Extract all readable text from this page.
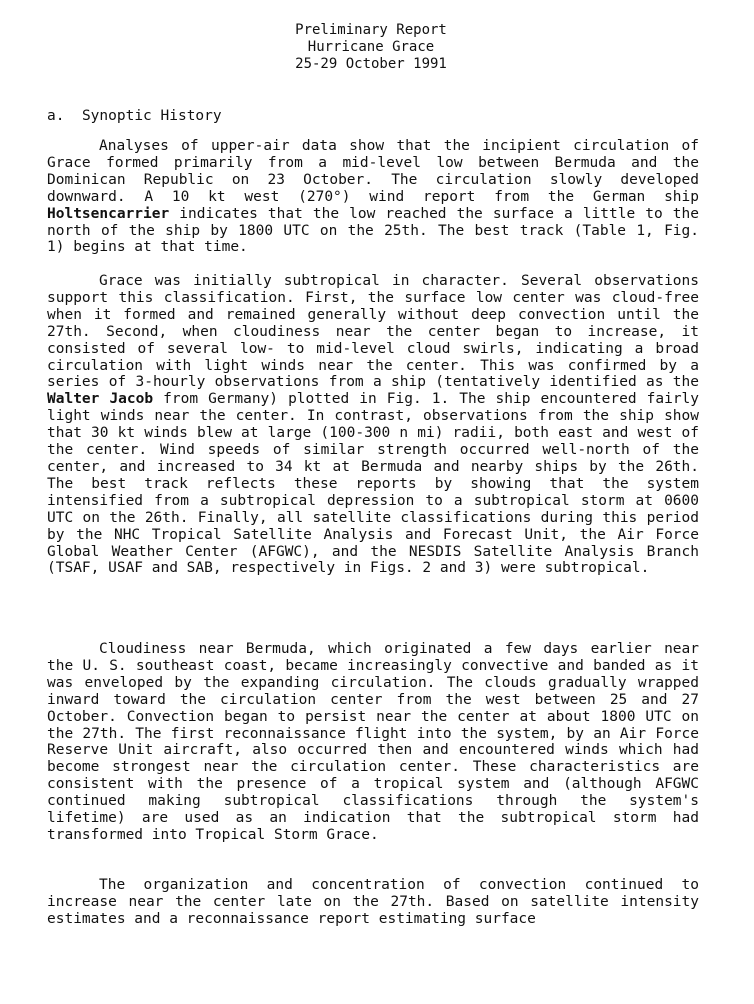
Preliminary Report
Hurricane Grace
25-29 October 1991
a. Synoptic History

Analyses of upper-air data show that the incipient circulation of Grace formed primarily from a mid-level low between Bermuda and the Dominican Republic on 23 October. The circulation slowly developed downward. A 10 kt west (270°) wind report from the German ship Holtsencarrier indicates that the low reached the surface a little to the north of the ship by 1800 UTC on the 25th. The best track (Table 1, Fig. 1) begins at that time.

Grace was initially subtropical in character. Several observations support this classification. First, the surface low center was cloud-free when it formed and remained generally without deep convection until the 27th. Second, when cloudiness near the center began to increase, it consisted of several low- to mid-level cloud swirls, indicating a broad circulation with light winds near the center. This was confirmed by a series of 3-hourly observations from a ship (tentatively identified as the Walter Jacob from Germany) plotted in Fig. 1. The ship encountered fairly light winds near the center. In contrast, observations from the ship show that 30 kt winds blew at large (100-300 n mi) radii, both east and west of the center. Wind speeds of similar strength occurred well-north of the center, and increased to 34 kt at Bermuda and nearby ships by the 26th. The best track reflects these reports by showing that the system intensified from a subtropical depression to a subtropical storm at 0600 UTC on the 26th. Finally, all satellite classifications during this period by the NHC Tropical Satellite Analysis and Forecast Unit, the Air Force Global Weather Center (AFGWC), and the NESDIS Satellite Analysis Branch (TSAF, USAF and SAB, respectively in Figs. 2 and 3) were subtropical.

Cloudiness near Bermuda, which originated a few days earlier near the U. S. southeast coast, became increasingly convective and banded as it was enveloped by the expanding circulation. The clouds gradually wrapped inward toward the circulation center from the west between 25 and 27 October. Convection began to persist near the center at about 1800 UTC on the 27th. The first reconnaissance flight into the system, by an Air Force Reserve Unit aircraft, also occurred then and encountered winds which had become strongest near the circulation center. These characteristics are consistent with the presence of a tropical system and (although AFGWC continued making subtropical classifications through the system's lifetime) are used as an indication that the subtropical storm had transformed into Tropical Storm Grace.

The organization and concentration of convection continued to increase near the center late on the 27th. Based on satellite intensity estimates and a reconnaissance report estimating surface
